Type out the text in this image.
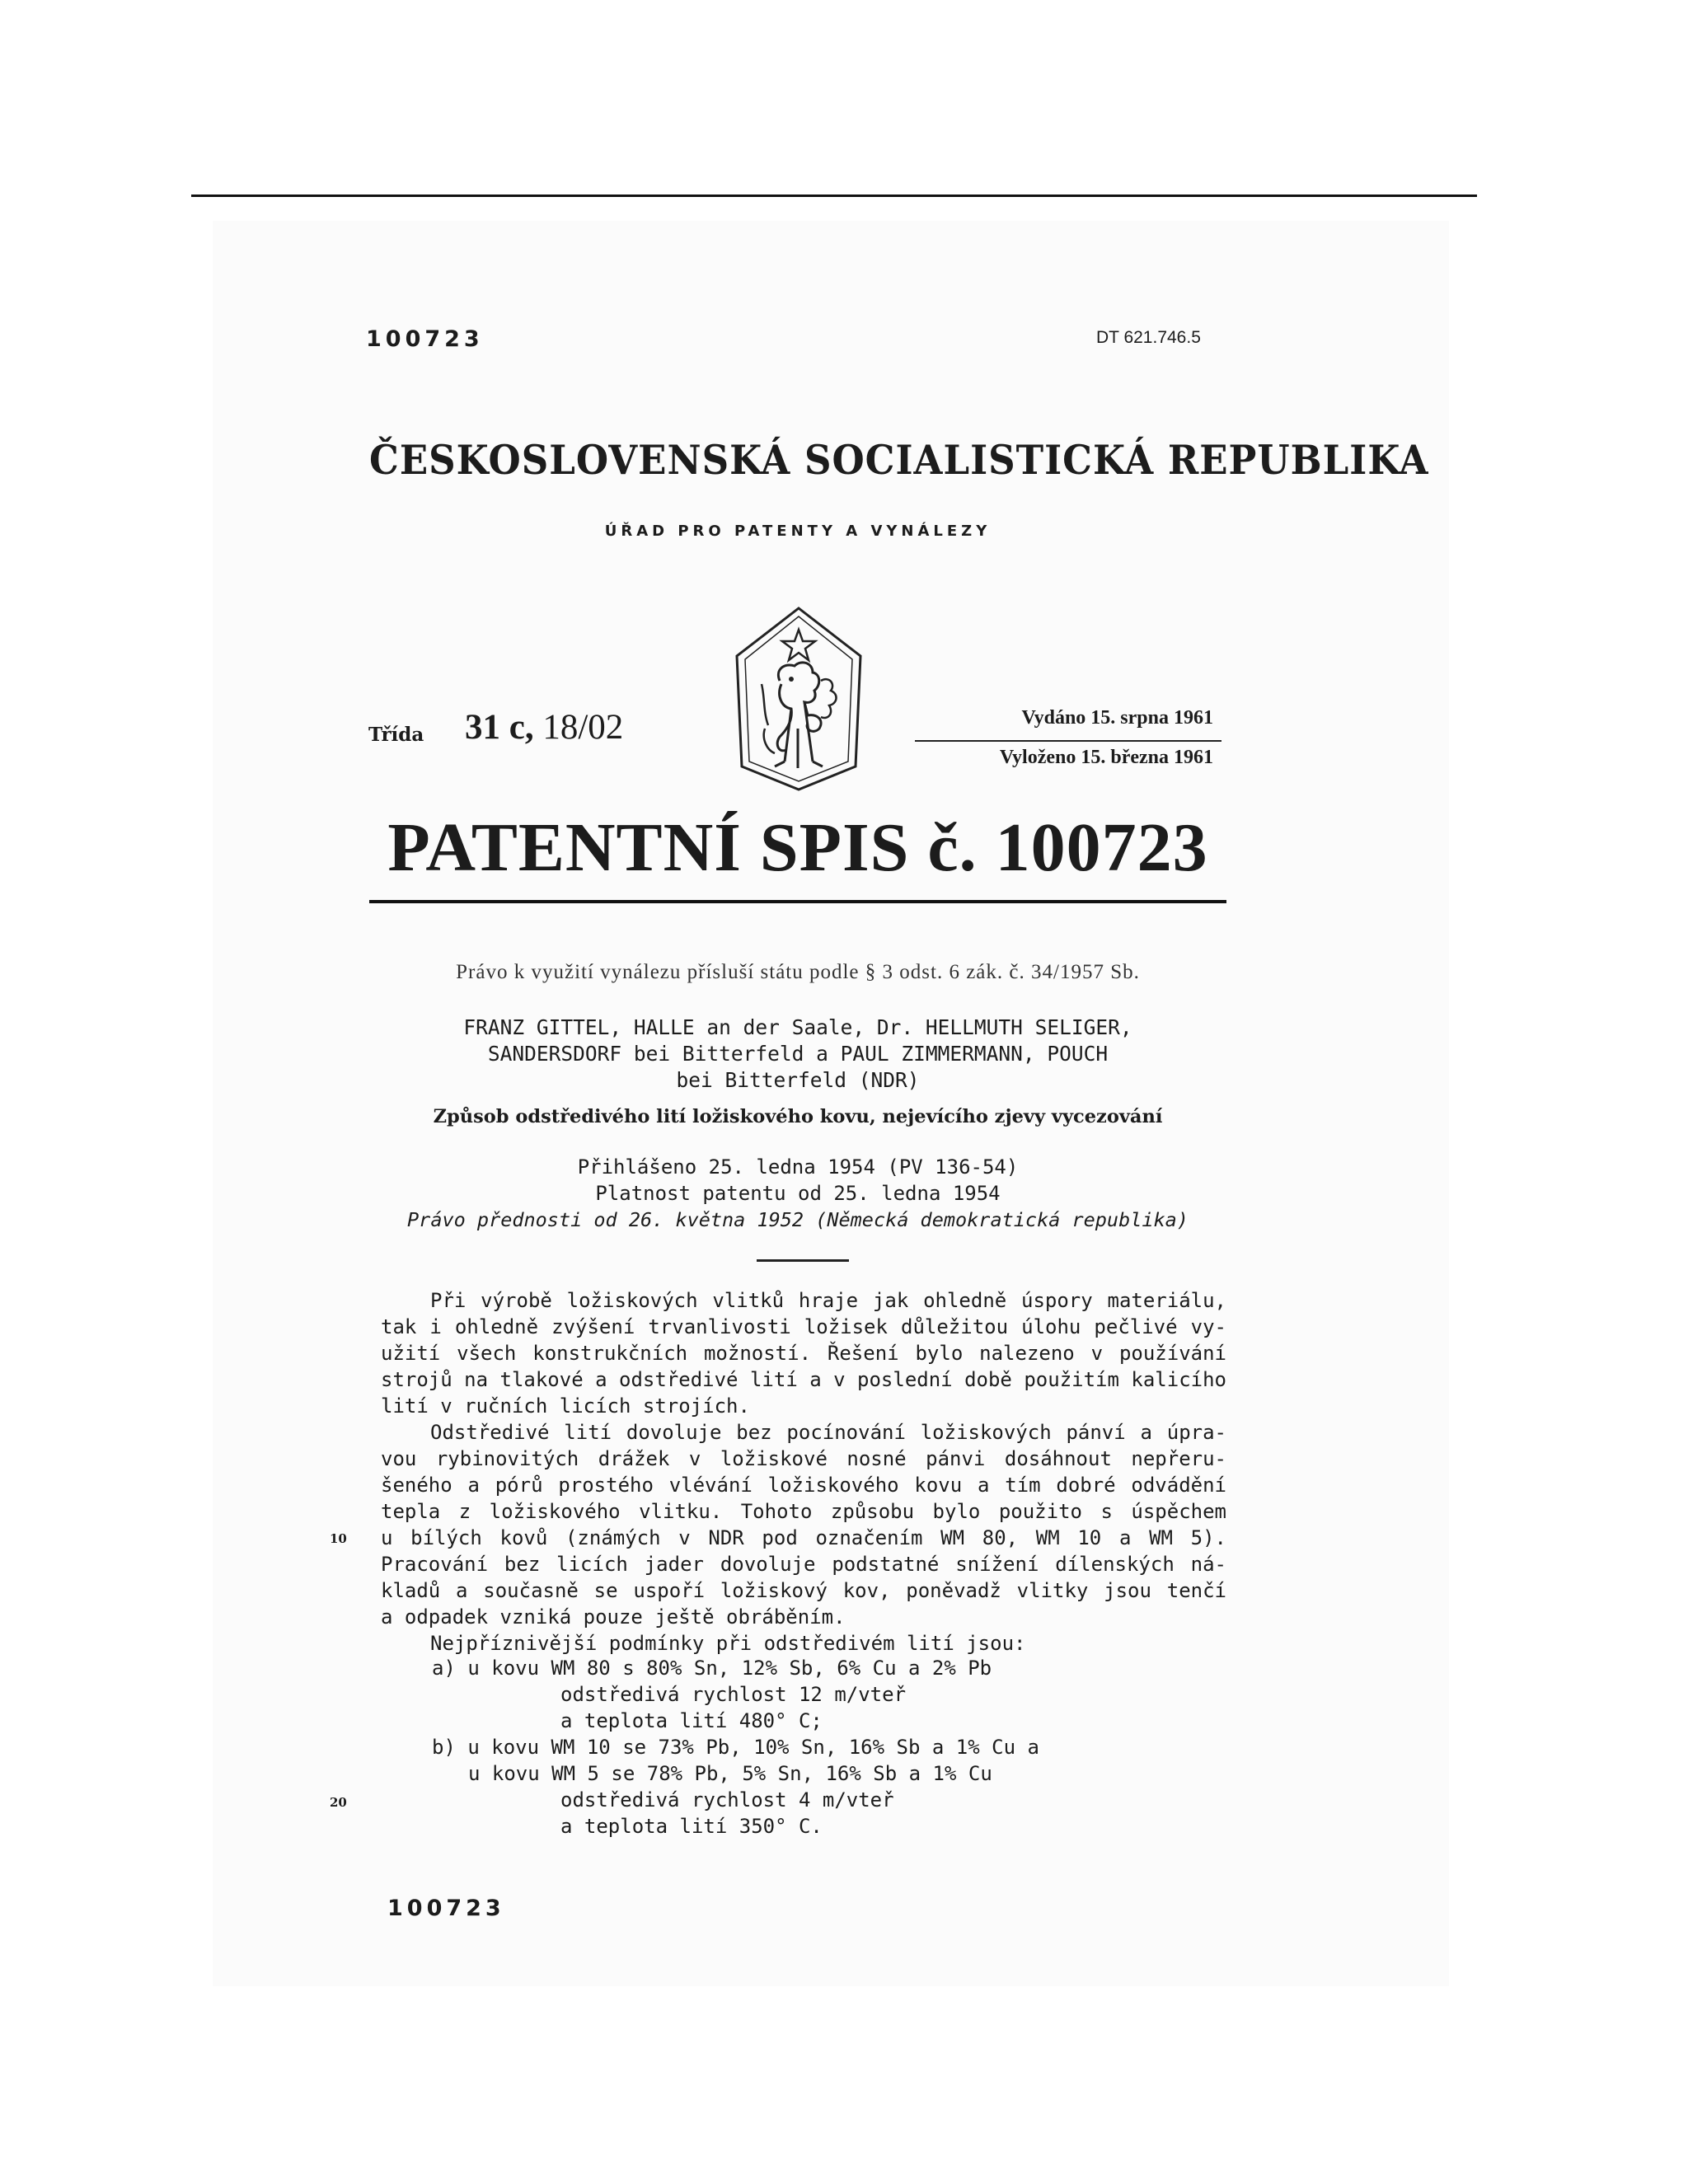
100723	DT 621.746.5
ČESKOSLOVENSKÁ SOCIALISTICKÁ REPUBLIKA
ÚŘAD PRO PATENTY A VYNÁLEZY
Třída 31 c, 18/02	Vydáno 15. srpna 1961
Vyloženo 15. března 1961
PATENTNÍ SPIS č. 100723
Právo k využití vynálezu přísluší státu podle § 3 odst. 6 zák. č. 34/1957 Sb.
FRANZ GITTEL, HALLE an der Saale, Dr. HELLMUTH SELIGER,
SANDERSDORF bei Bitterfeld a PAUL ZIMMERMANN, POUCH
bei Bitterfeld (NDR)
Způsob odstředivého lití ložiskového kovu, nejevícího zjevy vycezování
Přihlášeno 25. ledna 1954 (PV 136-54)
Platnost patentu od 25. ledna 1954
Právo přednosti od 26. května 1952 (Německá demokratická republika)
Při výrobě ložiskových vlitků hraje jak ohledně úspory materiálu,
tak i ohledně zvýšení trvanlivosti ložisek důležitou úlohu pečlivé vy-
užití všech konstrukčních možností. Řešení bylo nalezeno v používání
strojů na tlakové a odstředivé lití a v poslední době použitím kalicího
lití v ručních licích strojích.
Odstředivé lití dovoluje bez pocínování ložiskových pánví a úpra-
vou rybinovitých drážek v ložiskové nosné pánvi dosáhnout nepřeru-
šeného a pórů prostého vlévání ložiskového kovu a tím dobré odvádění
tepla z ložiskového vlitku. Tohoto způsobu bylo použito s úspěchem
u bílých kovů (známých v NDR pod označením WM 80, WM 10 a WM 5).
Pracování bez licích jader dovoluje podstatné snížení dílenských ná-
kladů a současně se uspoří ložiskový kov, poněvadž vlitky jsou tenčí
a odpadek vzniká pouze ještě obráběním.
Nejpříznivější podmínky při odstředivém lití jsou:
a) u kovu WM 80 s 80% Sn, 12% Sb, 6% Cu a 2% Pb
odstředivá rychlost 12 m/vteř
a teplota lití 480° C;
b) u kovu WM 10 se 73% Pb, 10% Sn, 16% Sb a 1% Cu a
u kovu WM 5 se 78% Pb, 5% Sn, 16% Sb a 1% Cu
odstředivá rychlost 4 m/vteř
a teplota lití 350° C.
10
20
100723
